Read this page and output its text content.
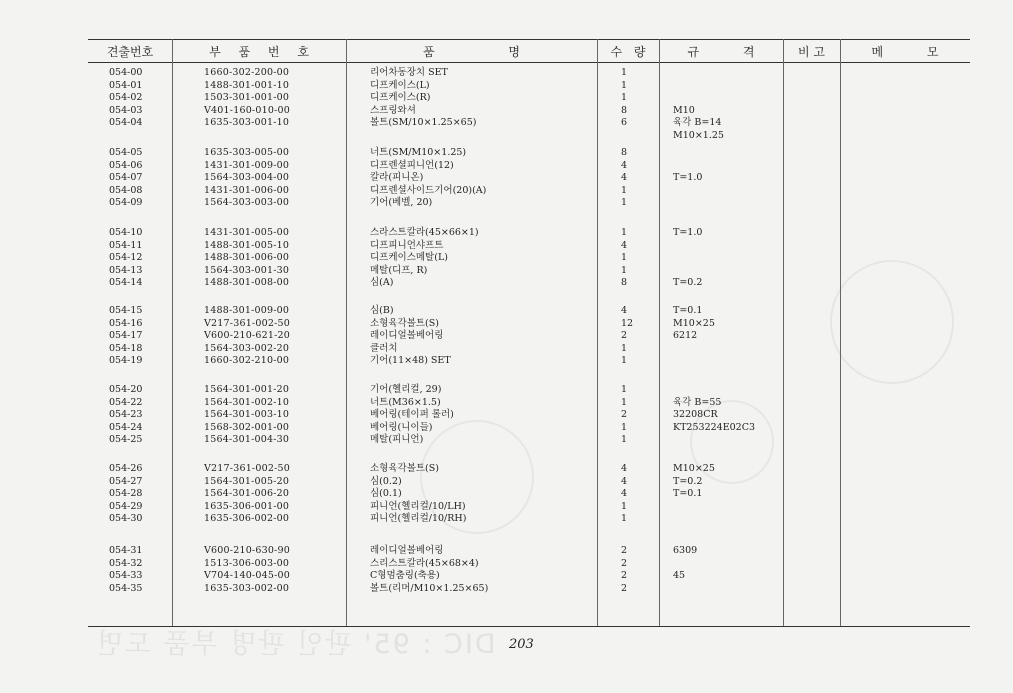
DIC : 95' 판인 판명 부품 도면
견출번호	부 품 번 호	품 명	수 량	규 격	비 고	메 모
054-00	1660-302-200-00	리어차동장치 SET	1
054-01	1488-301-001-10	디프케이스(L)	1
054-02	1503-301-001-00	디프케이스(R)	1
054-03	V401-160-010-00	스프링와셔	8	M10
054-04	1635-303-001-10	볼트(SM/10×1.25×65)	6	육각 B=14
M10×1.25
054-05	1635-303-005-00	너트(SM/M10×1.25)	8
054-06	1431-301-009-00	디프렌셜피니언(12)	4
054-07	1564-303-004-00	칼라(피니온)	4	T=1.0
054-08	1431-301-006-00	디프렌셜사이드기어(20)(A)	1
054-09	1564-303-003-00	기어(베벨, 20)	1
054-10	1431-301-005-00	스라스트칼라(45×66×1)	1	T=1.0
054-11	1488-301-005-10	디프피니언샤프트	4
054-12	1488-301-006-00	디프케이스메탈(L)	1
054-13	1564-303-001-30	메탈(디프, R)	1
054-14	1488-301-008-00	심(A)	8	T=0.2
054-15	1488-301-009-00	심(B)	4	T=0.1
054-16	V217-361-002-50	소형육각볼트(S)	12	M10×25
054-17	V600-210-621-20	레이디얼볼베어링	2	6212
054-18	1564-303-002-20	클러치	1
054-19	1660-302-210-00	기어(11×48) SET	1
054-20	1564-301-001-20	기어(헬리컬, 29)	1
054-22	1564-301-002-10	너트(M36×1.5)	1	육각 B=55
054-23	1564-301-003-10	베어링(테이퍼 롤러)	2	32208CR
054-24	1568-302-001-00	베어링(니이들)	1	KT253224E02C3
054-25	1564-301-004-30	메탈(피니언)	1
054-26	V217-361-002-50	소형육각볼트(S)	4	M10×25
054-27	1564-301-005-20	심(0.2)	4	T=0.2
054-28	1564-301-006-20	심(0.1)	4	T=0.1
054-29	1635-306-001-00	피니언(헬리컬/10/LH)	1
054-30	1635-306-002-00	피니언(헬리컬/10/RH)	1
054-31	V600-210-630-90	레이디얼볼베어링	2	6309
054-32	1513-306-003-00	스리스트칼라(45×68×4)	2
054-33	V704-140-045-00	C형멈춤링(축용)	2	45
054-35	1635-303-002-00	볼트(리머/M10×1.25×65)	2
203
